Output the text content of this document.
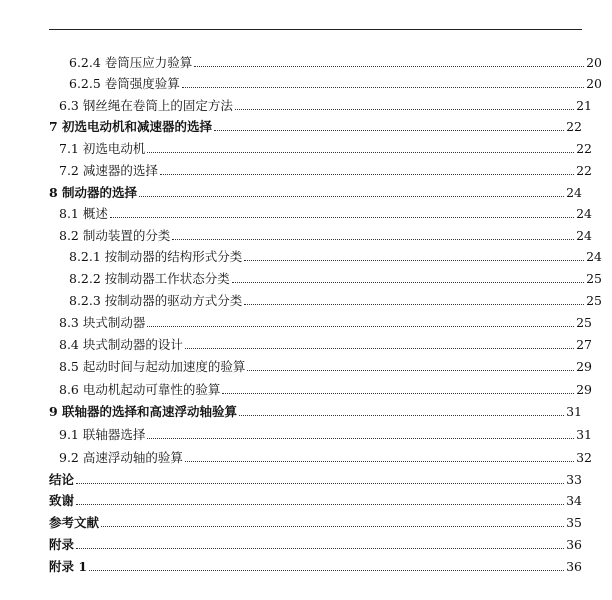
6.2.4 卷筒压应力验算	20
6.2.5 卷筒强度验算	20
6.3 钢丝绳在卷筒上的固定方法	21
7 初选电动机和减速器的选择	22
7.1 初选电动机	22
7.2 减速器的选择	22
8 制动器的选择	24
8.1 概述	24
8.2 制动装置的分类	24
8.2.1 按制动器的结构形式分类	24
8.2.2 按制动器工作状态分类	25
8.2.3 按制动器的驱动方式分类	25
8.3 块式制动器	25
8.4 块式制动器的设计	27
8.5 起动时间与起动加速度的验算	29
8.6 电动机起动可靠性的验算	29
9 联轴器的选择和高速浮动轴验算	31
9.1 联轴器选择	31
9.2 高速浮动轴的验算	32
结论	33
致谢	34
参考文献	35
附录	36
附录 1	36
